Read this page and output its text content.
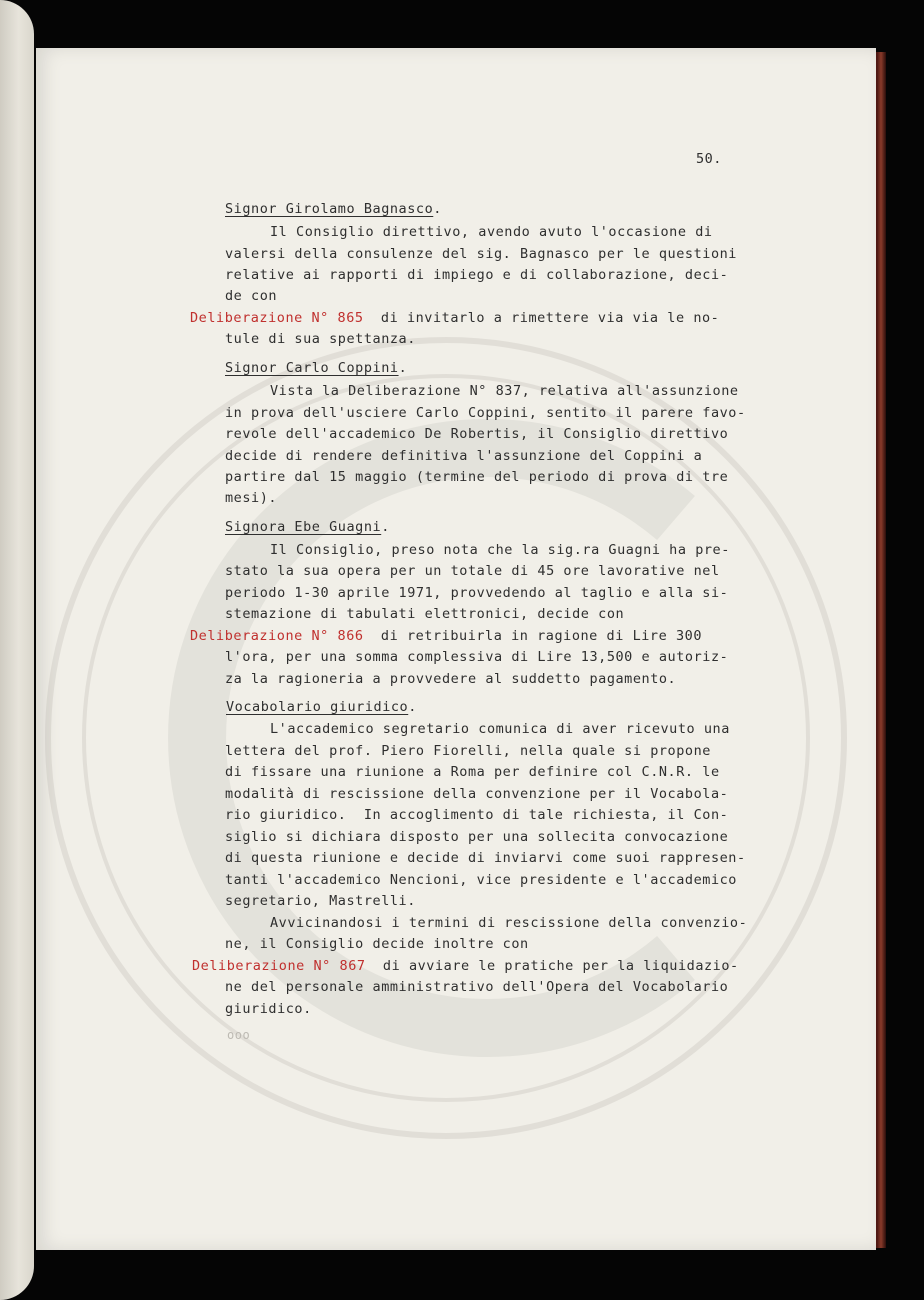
50.
Signor Girolamo Bagnasco.
Il Consiglio direttivo, avendo avuto l'occasione di
valersi della consulenze del sig. Bagnasco per le questioni
relative ai rapporti di impiego e di collaborazione, deci-
de con
Deliberazione N° 865 di invitarlo a rimettere via via le no-
tule di sua spettanza.
Signor Carlo Coppini.
Vista la Deliberazione N° 837, relativa all'assunzione
in prova dell'usciere Carlo Coppini, sentito il parere favo-
revole dell'accademico De Robertis, il Consiglio direttivo
decide di rendere definitiva l'assunzione del Coppini a
partire dal 15 maggio (termine del periodo di prova di tre
mesi).
Signora Ebe Guagni.
Il Consiglio, preso nota che la sig.ra Guagni ha pre-
stato la sua opera per un totale di 45 ore lavorative nel
periodo 1-30 aprile 1971, provvedendo al taglio e alla si-
stemazione di tabulati elettronici, decide con
Deliberazione N° 866 di retribuirla in ragione di Lire 300
l'ora, per una somma complessiva di Lire 13,500 e autoriz-
za la ragioneria a provvedere al suddetto pagamento.
Vocabolario giuridico.
L'accademico segretario comunica di aver ricevuto una
lettera del prof. Piero Fiorelli, nella quale si propone
di fissare una riunione a Roma per definire col C.N.R. le
modalità di rescissione della convenzione per il Vocabola-
rio giuridico.  In accoglimento di tale richiesta, il Con-
siglio si dichiara disposto per una sollecita convocazione
di questa riunione e decide di inviarvi come suoi rappresen-
tanti l'accademico Nencioni, vice presidente e l'accademico
segretario, Mastrelli.
Avvicinandosi i termini di rescissione della convenzio-
ne, il Consiglio decide inoltre con
Deliberazione N° 867 di avviare le pratiche per la liquidazio-
ne del personale amministrativo dell'Opera del Vocabolario
giuridico.
ooo
